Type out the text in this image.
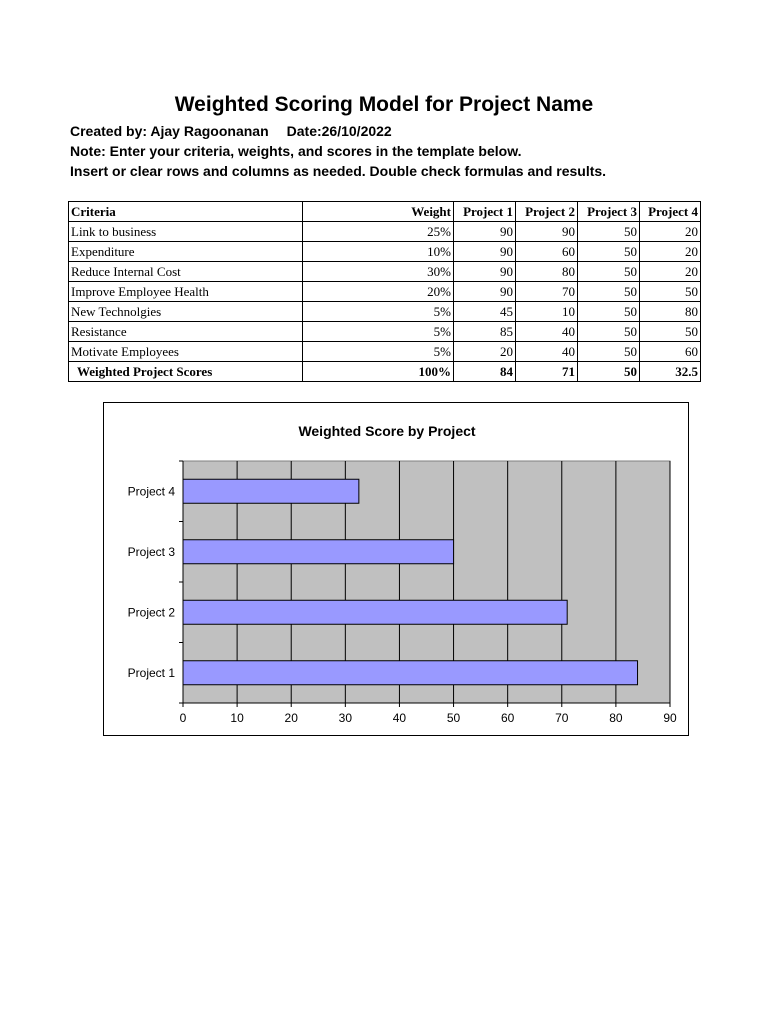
Weighted Scoring Model for Project Name
Created by: Ajay Ragoonanan Date:26/10/2022
Note: Enter your criteria, weights, and scores in the template below.
Insert or clear rows and columns as needed. Double check formulas and results.
Criteria	Weight	Project 1	Project 2	Project 3	Project 4
Link to business	25%	90	90	50	20
Expenditure	10%	90	60	50	20
Reduce Internal Cost	30%	90	80	50	20
Improve Employee Health	20%	90	70	50	50
New Technolgies	5%	45	10	50	80
Resistance	5%	85	40	50	50
Motivate Employees	5%	20	40	50	60
Weighted Project Scores	100%	84	71	50	32.5
Weighted Score by Project
Project 1
Project 2
Project 3
Project 4
0	10	20	30	40	50	60	70	80	90
